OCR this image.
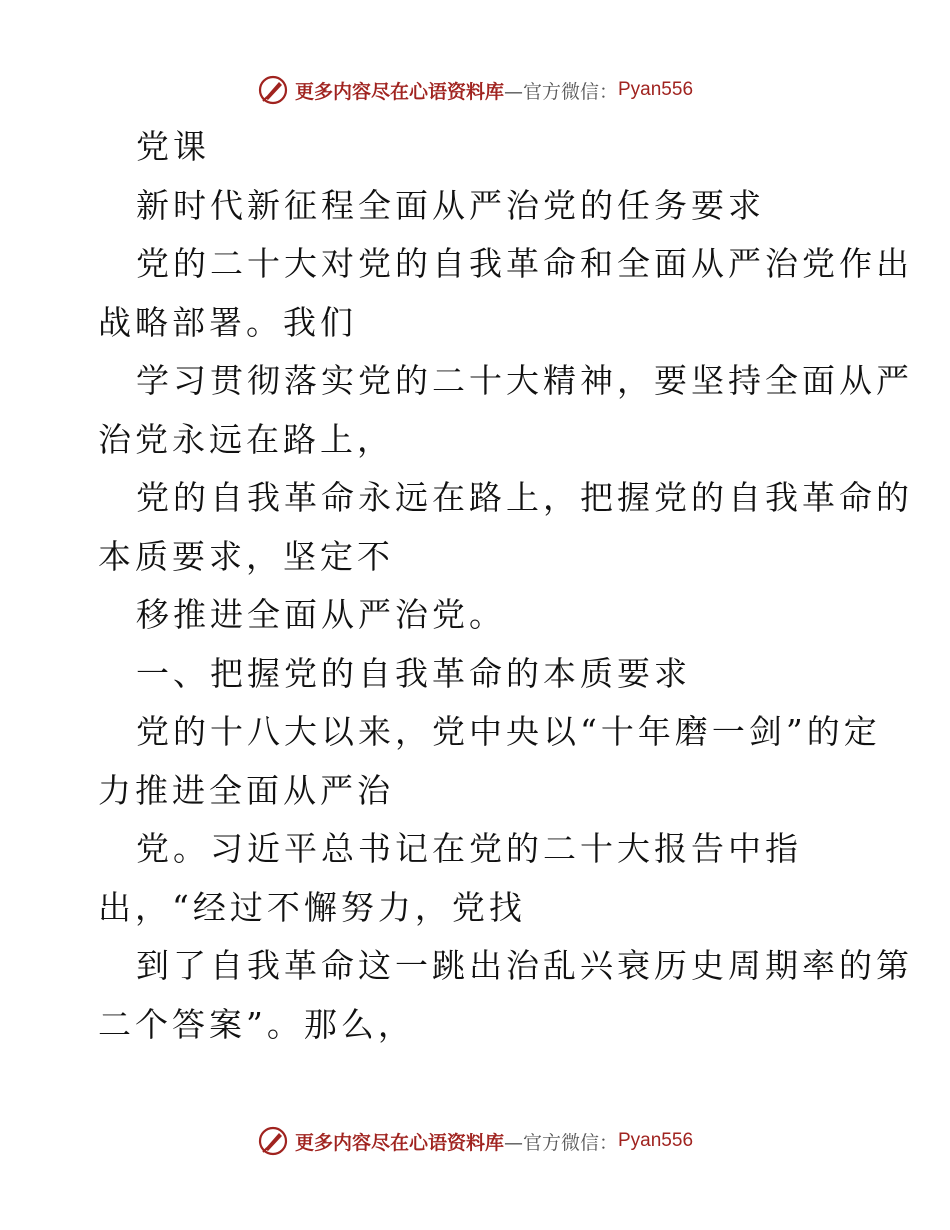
更多内容尽在心语资料库 —官方微信： Pyan556
党课
新时代新征程全面从严治党的任务要求
党的二十大对党的自我革命和全面从严治党作出
战略部署。我们
学习贯彻落实党的二十大精神，要坚持全面从严
治党永远在路上，
党的自我革命永远在路上，把握党的自我革命的
本质要求，坚定不
移推进全面从严治党。
一、把握党的自我革命的本质要求
党的十八大以来，党中央以“十年磨一剑”的定
力推进全面从严治
党。习近平总书记在党的二十大报告中指
出，“经过不懈努力，党找
到了自我革命这一跳出治乱兴衰历史周期率的第
二个答案”。那么，
更多内容尽在心语资料库 —官方微信： Pyan556
